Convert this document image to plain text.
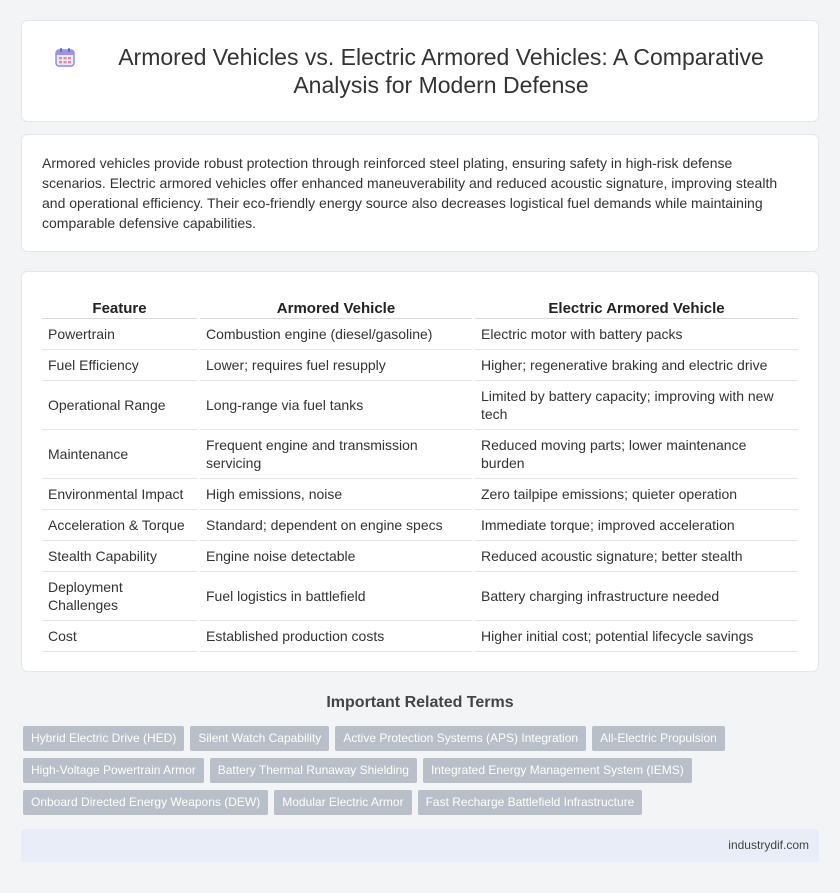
Armored Vehicles vs. Electric Armored Vehicles: A Comparative Analysis for Modern Defense

Armored vehicles provide robust protection through reinforced steel plating, ensuring safety in high-risk defense scenarios. Electric armored vehicles offer enhanced maneuverability and reduced acoustic signature, improving stealth and operational efficiency. Their eco-friendly energy source also decreases logistical fuel demands while maintaining comparable defensive capabilities.

Feature	Armored Vehicle	Electric Armored Vehicle
Powertrain	Combustion engine (diesel/gasoline)	Electric motor with battery packs
Fuel Efficiency	Lower; requires fuel resupply	Higher; regenerative braking and electric drive
Operational Range	Long-range via fuel tanks	Limited by battery capacity; improving with new tech
Maintenance	Frequent engine and transmission servicing	Reduced moving parts; lower maintenance burden
Environmental Impact	High emissions, noise	Zero tailpipe emissions; quieter operation
Acceleration & Torque	Standard; dependent on engine specs	Immediate torque; improved acceleration
Stealth Capability	Engine noise detectable	Reduced acoustic signature; better stealth
Deployment Challenges	Fuel logistics in battlefield	Battery charging infrastructure needed
Cost	Established production costs	Higher initial cost; potential lifecycle savings
Important Related Terms
Hybrid Electric Drive (HED)	Silent Watch Capability	Active Protection Systems (APS) Integration	All-Electric Propulsion
High-Voltage Powertrain Armor	Battery Thermal Runaway Shielding	Integrated Energy Management System (IEMS)
Onboard Directed Energy Weapons (DEW)	Modular Electric Armor	Fast Recharge Battlefield Infrastructure
industrydif.com
